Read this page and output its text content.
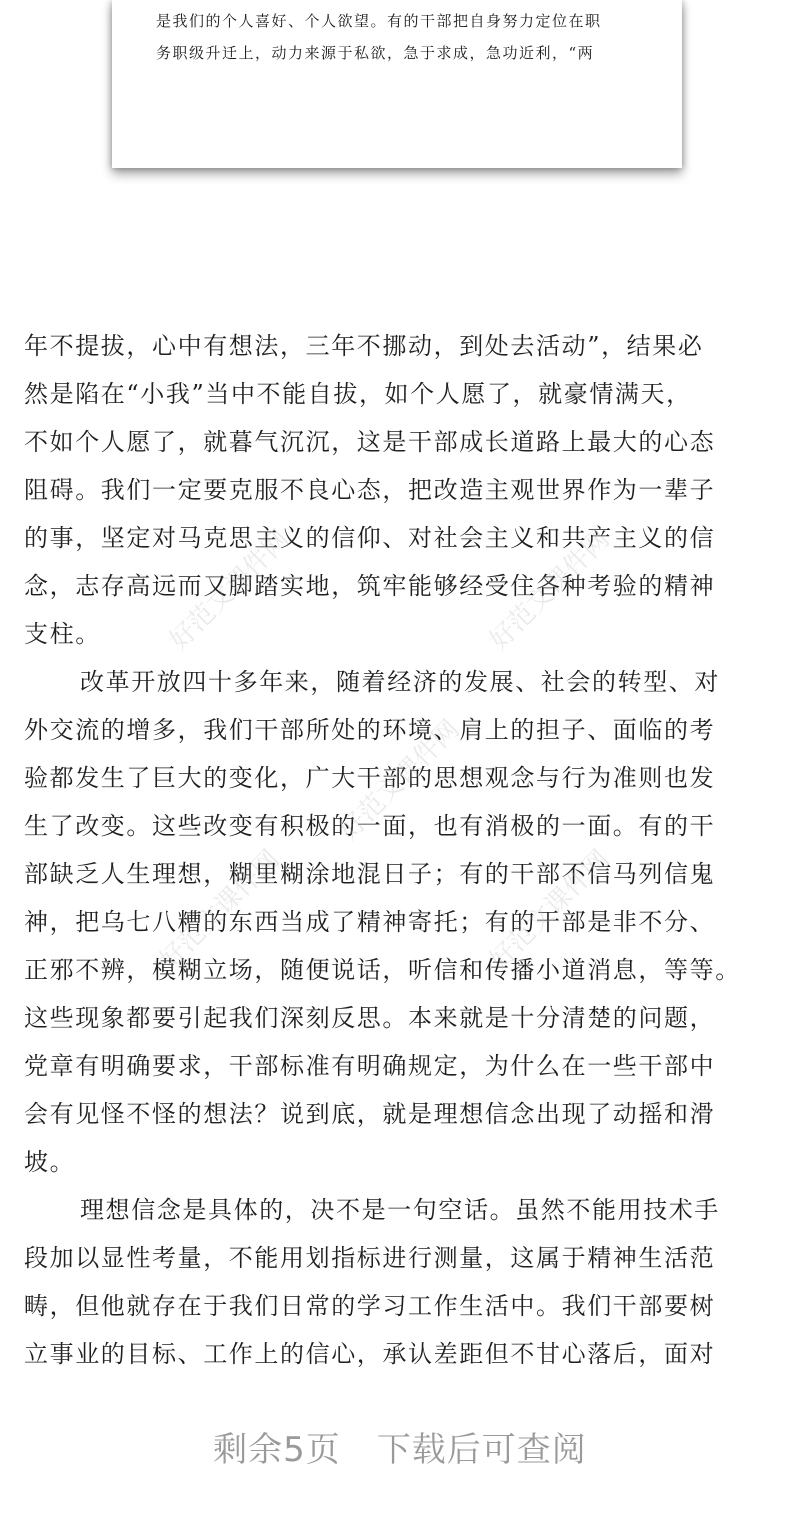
是我们的个人喜好、个人欲望。有的干部把自身努力定位在职
务职级升迁上，动力来源于私欲，急于求成，急功近利，“两
年不提拔，心中有想法，三年不挪动，到处去活动”，结果必
然是陷在“小我”当中不能自拔，如个人愿了，就豪情满天，
不如个人愿了，就暮气沉沉，这是干部成长道路上最大的心态
阻碍。我们一定要克服不良心态，把改造主观世界作为一辈子
的事，坚定对马克思主义的信仰、对社会主义和共产主义的信
念，志存高远而又脚踏实地，筑牢能够经受住各种考验的精神
支柱。
改革开放四十多年来，随着经济的发展、社会的转型、对
外交流的增多，我们干部所处的环境、肩上的担子、面临的考
验都发生了巨大的变化，广大干部的思想观念与行为准则也发
生了改变。这些改变有积极的一面，也有消极的一面。有的干
部缺乏人生理想，糊里糊涂地混日子；有的干部不信马列信鬼
神，把乌七八糟的东西当成了精神寄托；有的干部是非不分、
正邪不辨，模糊立场，随便说话，听信和传播小道消息，等等。
这些现象都要引起我们深刻反思。本来就是十分清楚的问题，
党章有明确要求，干部标准有明确规定，为什么在一些干部中
会有见怪不怪的想法？说到底，就是理想信念出现了动摇和滑
坡。
理想信念是具体的，决不是一句空话。虽然不能用技术手
段加以显性考量，不能用划指标进行测量，这属于精神生活范
畴，但他就存在于我们日常的学习工作生活中。我们干部要树
立事业的目标、工作上的信心，承认差距但不甘心落后，面对
好范文课件网	好范文课件网
好范文课件网
好范文课件网	好范文课件网
剩余5页 下载后可查阅
